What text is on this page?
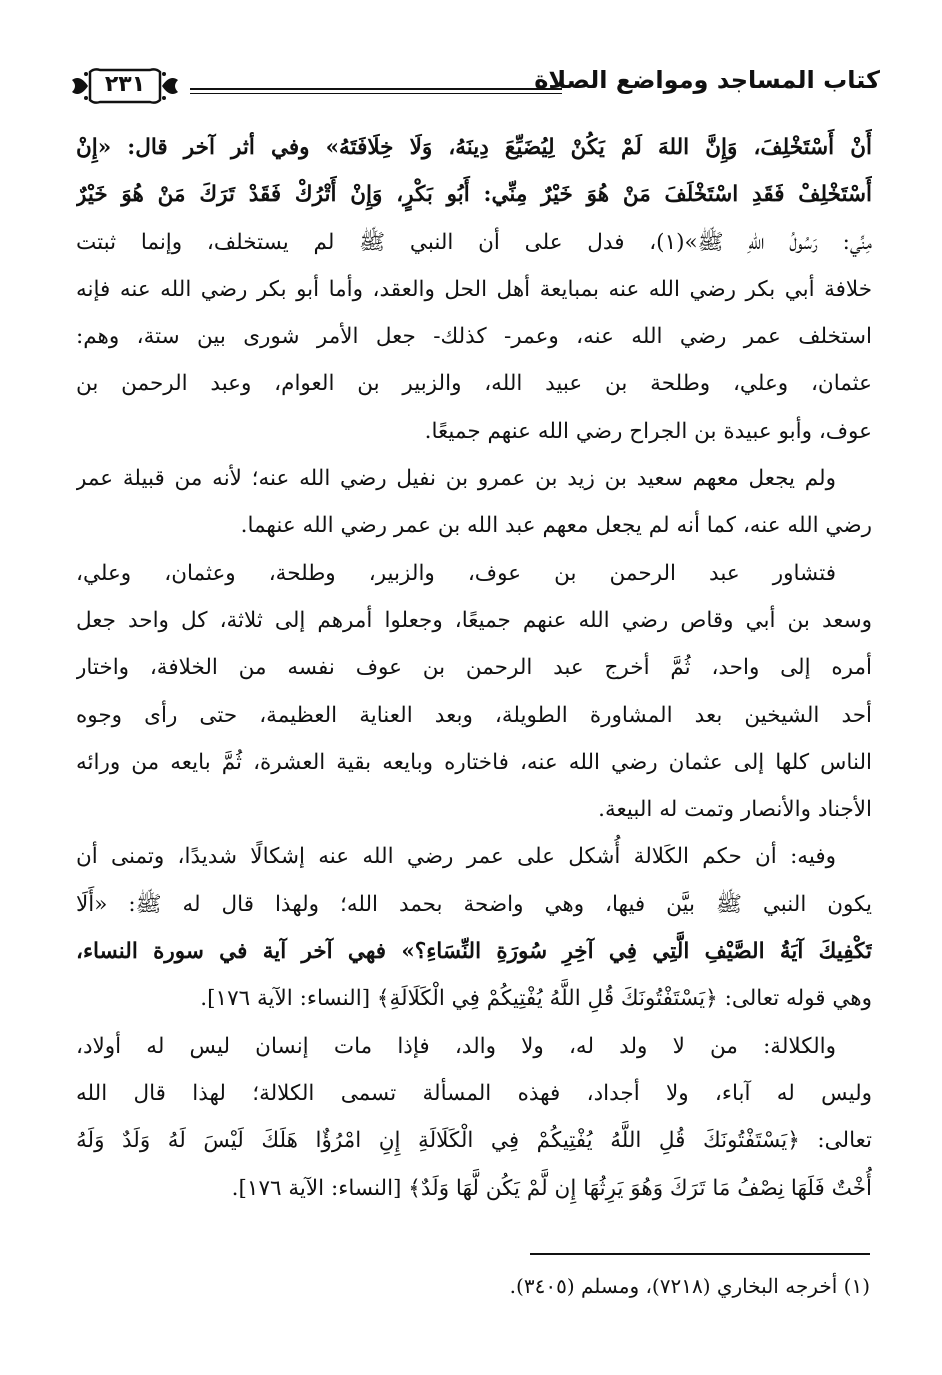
كتاب المساجد ومواضع الصلاة
٢٣١
أَنْ أَسْتَخْلِفَ، وَإِنَّ اللهَ لَمْ يَكُنْ لِيُضَيِّعَ دِينَهُ، وَلَا خِلَافَتَهُ» وفي أثر آخر قال: «إِنْ
أَسْتَخْلِفْ فَقَدِ اسْتَخْلَفَ مَنْ هُوَ خَيْرٌ مِنِّي: أَبُو بَكْرٍ، وَإِنْ أَتْرُكْ فَقَدْ تَرَكَ مَنْ هُوَ خَيْرٌ
مِنِّي: رَسُولُ اللهِ ﷺ»(١)، فدل على أن النبي ﷺ لم يستخلف، وإنما ثبتت
خلافة أبي بكر رضي الله عنه بمبايعة أهل الحل والعقد، وأما أبو بكر رضي الله عنه فإنه
استخلف عمر رضي الله عنه، وعمر- كذلك- جعل الأمر شورى بين ستة، وهم:
عثمان، وعلي، وطلحة بن عبيد الله، والزبير بن العوام، وعبد الرحمن بن
عوف، وأبو عبيدة بن الجراح رضي الله عنهم جميعًا.
ولم يجعل معهم سعيد بن زيد بن عمرو بن نفيل رضي الله عنه؛ لأنه من قبيلة عمر
رضي الله عنه، كما أنه لم يجعل معهم عبد الله بن عمر رضي الله عنهما.
فتشاور عبد الرحمن بن عوف، والزبير، وطلحة، وعثمان، وعلي،
وسعد بن أبي وقاص رضي الله عنهم جميعًا، وجعلوا أمرهم إلى ثلاثة، كل واحد جعل
أمره إلى واحد، ثُمَّ أخرج عبد الرحمن بن عوف نفسه من الخلافة، واختار
أحد الشيخين بعد المشاورة الطويلة، وبعد العناية العظيمة، حتى رأى وجوه
الناس كلها إلى عثمان رضي الله عنه، فاختاره وبايعه بقية العشرة، ثُمَّ بايعه من ورائه
الأجناد والأنصار وتمت له البيعة.
وفيه: أن حكم الكَلالة أُشكل على عمر رضي الله عنه إشكالًا شديدًا، وتمنى أن
يكون النبي ﷺ بيَّن فيها، وهي واضحة بحمد الله؛ ولهذا قال له ﷺ: «أَلَا
تَكْفِيكَ آيَةُ الصَّيْفِ الَّتِي فِي آخِرِ سُورَةِ النِّسَاءِ؟» فهي آخر آية في سورة النساء،
وهي قوله تعالى: ﴿يَسْتَفْتُونَكَ قُلِ اللَّهُ يُفْتِيكُمْ فِي الْكَلَالَةِ﴾ [النساء: الآية ١٧٦].
والكلالة: من لا ولد له، ولا والد، فإذا مات إنسان ليس له أولاد،
وليس له آباء، ولا أجداد، فهذه المسألة تسمى الكلالة؛ لهذا قال الله
تعالى: ﴿يَسْتَفْتُونَكَ قُلِ اللَّهُ يُفْتِيكُمْ فِي الْكَلَالَةِ إِنِ امْرُؤٌا هَلَكَ لَيْسَ لَهُ وَلَدٌ وَلَهُ
أُخْتٌ فَلَهَا نِصْفُ مَا تَرَكَ وَهُوَ يَرِثُهَا إِن لَّمْ يَكُن لَّهَا وَلَدٌ﴾ [النساء: الآية ١٧٦].
(١) أخرجه البخاري (٧٢١٨)، ومسلم (٣٤٠٥).
